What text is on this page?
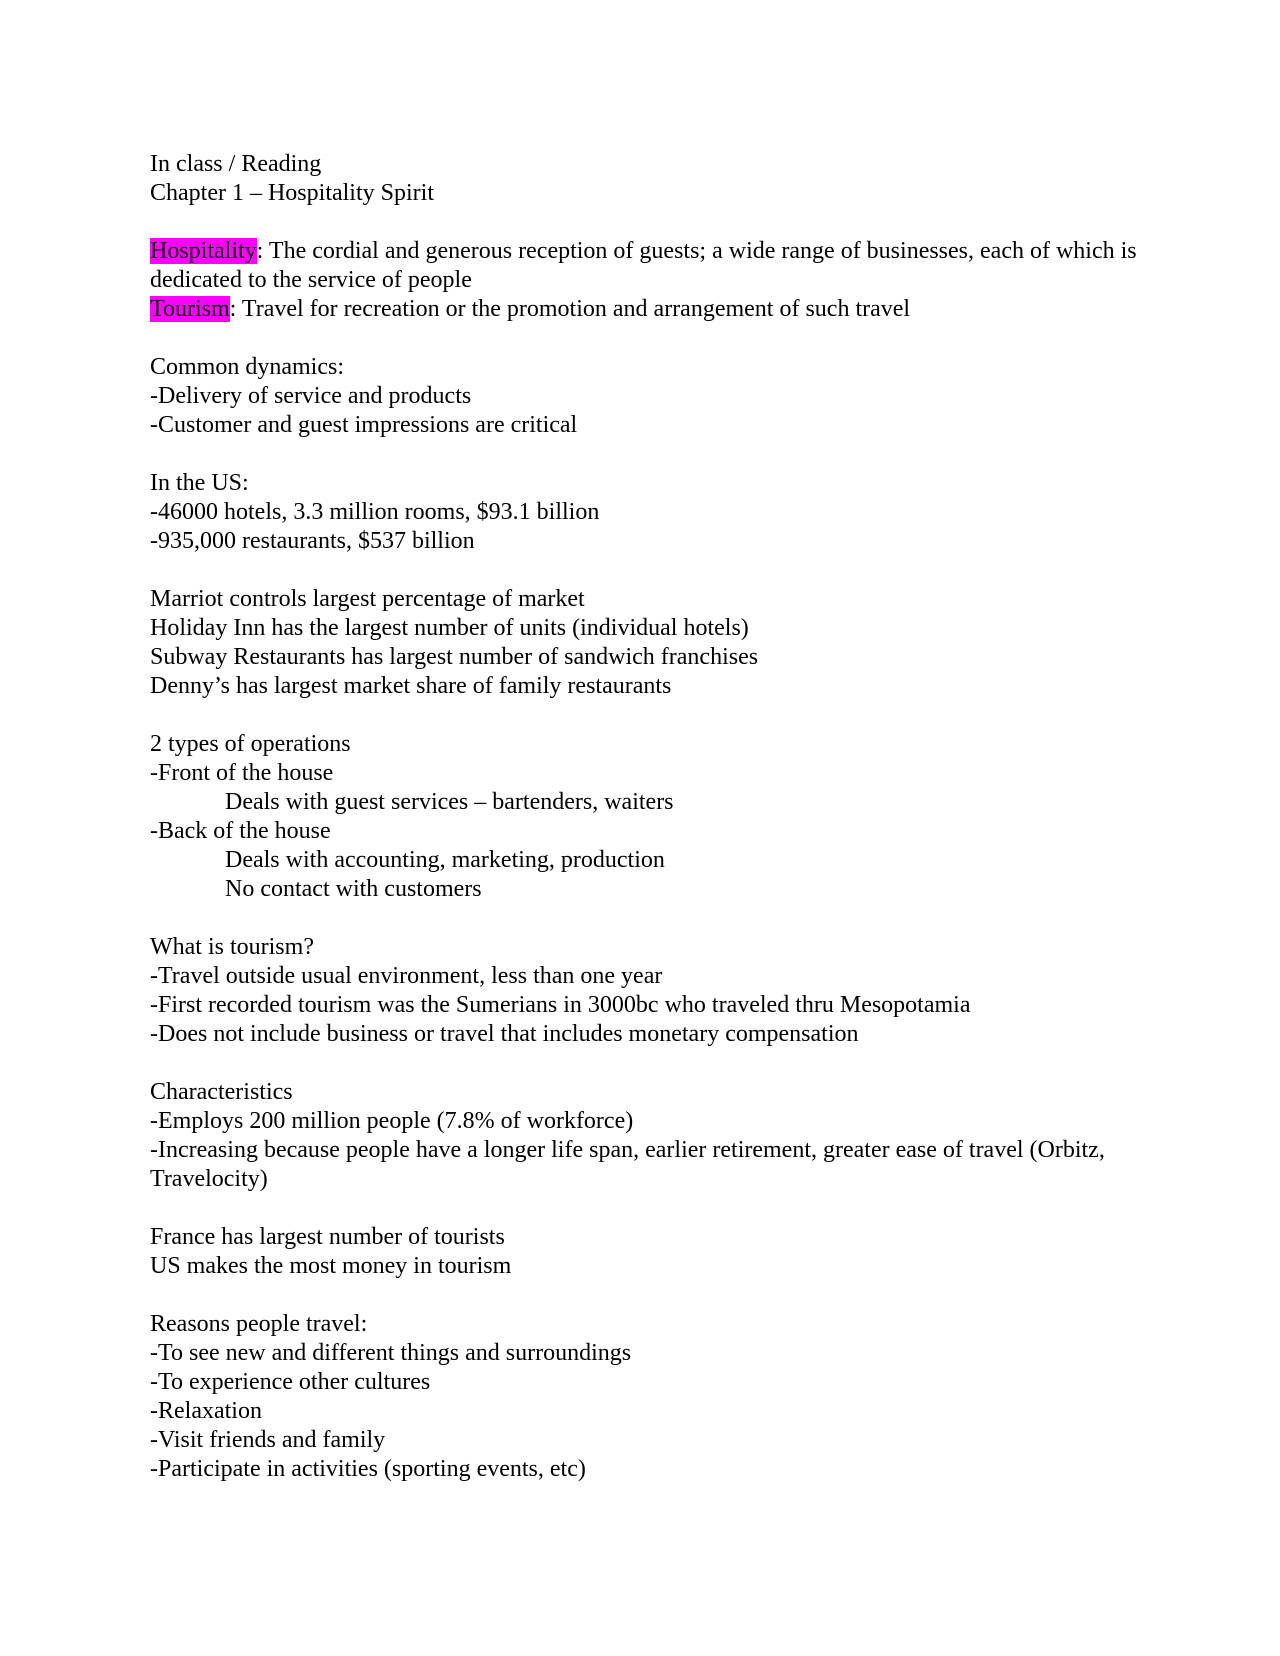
In class / Reading
Chapter 1 – Hospitality Spirit
Hospitality: The cordial and generous reception of guests; a wide range of businesses, each of which is dedicated to the service of people
Tourism: Travel for recreation or the promotion and arrangement of such travel
Common dynamics:
-Delivery of service and products
-Customer and guest impressions are critical
In the US:
-46000 hotels, 3.3 million rooms, $93.1 billion
-935,000 restaurants, $537 billion
Marriot controls largest percentage of market
Holiday Inn has the largest number of units (individual hotels)
Subway Restaurants has largest number of sandwich franchises
Denny’s has largest market share of family restaurants
2 types of operations
-Front of the house
Deals with guest services – bartenders, waiters
-Back of the house
Deals with accounting, marketing, production
No contact with customers
What is tourism?
-Travel outside usual environment, less than one year
-First recorded tourism was the Sumerians in 3000bc who traveled thru Mesopotamia
-Does not include business or travel that includes monetary compensation
Characteristics
-Employs 200 million people (7.8% of workforce)
-Increasing because people have a longer life span, earlier retirement, greater ease of travel (Orbitz, Travelocity)
France has largest number of tourists
US makes the most money in tourism
Reasons people travel:
-To see new and different things and surroundings
-To experience other cultures
-Relaxation
-Visit friends and family
-Participate in activities (sporting events, etc)
